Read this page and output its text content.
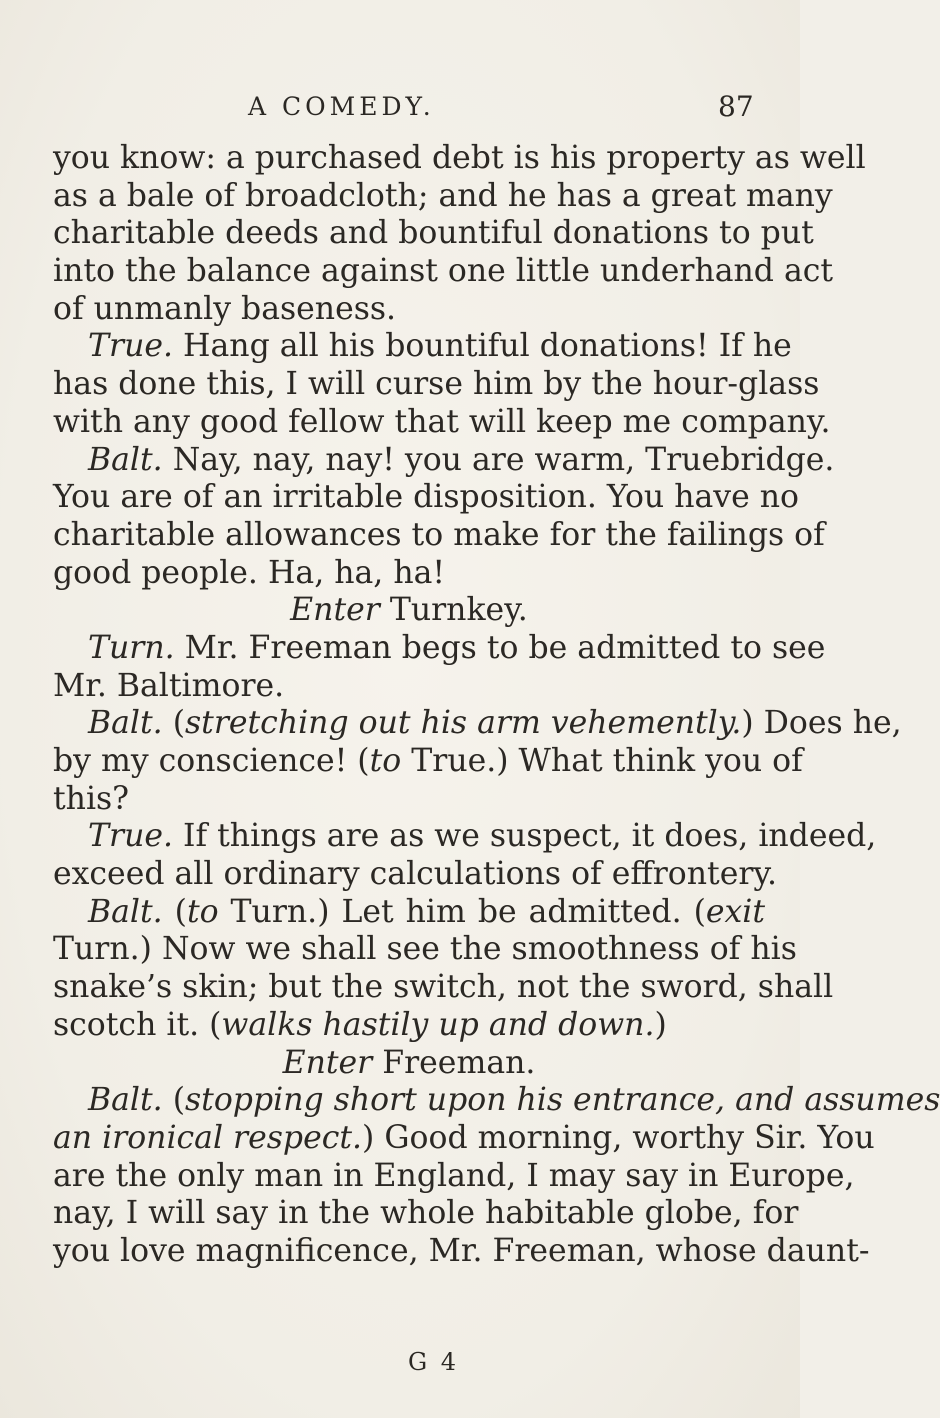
A COMEDY.	87
you know: a purchased debt is his property as well
as a bale of broadcloth; and he has a great many
charitable deeds and bountiful donations to put
into the balance against one little underhand act
of unmanly baseness.
True. Hang all his bountiful donations! If he
has done this, I will curse him by the hour-glass
with any good fellow that will keep me company.
Balt. Nay, nay, nay! you are warm, Truebridge.
You are of an irritable disposition. You have no
charitable allowances to make for the failings of
good people. Ha, ha, ha!
Enter Turnkey.
Turn. Mr. Freeman begs to be admitted to see
Mr. Baltimore.
Balt. (stretching out his arm vehemently.) Does he,
by my conscience! (to True.) What think you of
this?
True. If things are as we suspect, it does, indeed,
exceed all ordinary calculations of effrontery.
Balt. (to Turn.) Let him be admitted. (exit
Turn.) Now we shall see the smoothness of his
snake’s skin; but the switch, not the sword, shall
scotch it. (walks hastily up and down.)
Enter Freeman.
Balt. (stopping short upon his entrance, and assumes
an ironical respect.) Good morning, worthy Sir. You
are the only man in England, I may say in Europe,
nay, I will say in the whole habitable globe, for
you love magnificence, Mr. Freeman, whose daunt-
G 4
